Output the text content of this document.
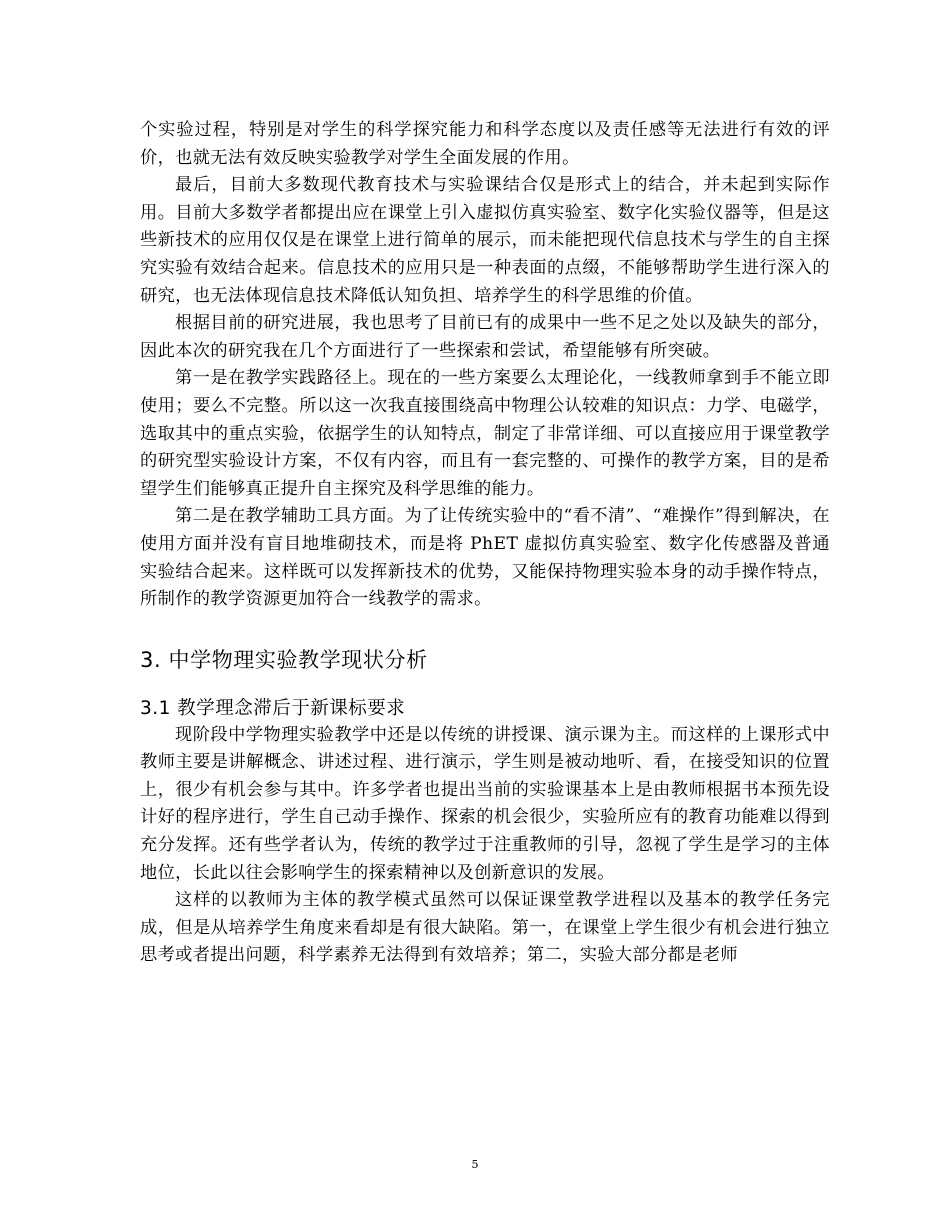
个实验过程，特别是对学生的科学探究能力和科学态度以及责任感等无法进行有效的评价，也就无法有效反映实验教学对学生全面发展的作用。

最后，目前大多数现代教育技术与实验课结合仅是形式上的结合，并未起到实际作用。目前大多数学者都提出应在课堂上引入虚拟仿真实验室、数字化实验仪器等，但是这些新技术的应用仅仅是在课堂上进行简单的展示，而未能把现代信息技术与学生的自主探究实验有效结合起来。信息技术的应用只是一种表面的点缀，不能够帮助学生进行深入的研究，也无法体现信息技术降低认知负担、培养学生的科学思维的价值。

根据目前的研究进展，我也思考了目前已有的成果中一些不足之处以及缺失的部分，因此本次的研究我在几个方面进行了一些探索和尝试，希望能够有所突破。

第一是在教学实践路径上。现在的一些方案要么太理论化，一线教师拿到手不能立即使用；要么不完整。所以这一次我直接围绕高中物理公认较难的知识点：力学、电磁学，选取其中的重点实验，依据学生的认知特点，制定了非常详细、可以直接应用于课堂教学的研究型实验设计方案，不仅有内容，而且有一套完整的、可操作的教学方案，目的是希望学生们能够真正提升自主探究及科学思维的能力。

第二是在教学辅助工具方面。为了让传统实验中的“看不清”、“难操作”得到解决，在使用方面并没有盲目地堆砌技术，而是将 PhET 虚拟仿真实验室、数字化传感器及普通实验结合起来。这样既可以发挥新技术的优势，又能保持物理实验本身的动手操作特点，所制作的教学资源更加符合一线教学的需求。

3. 中学物理实验教学现状分析
3.1 教学理念滞后于新课标要求

现阶段中学物理实验教学中还是以传统的讲授课、演示课为主。而这样的上课形式中教师主要是讲解概念、讲述过程、进行演示，学生则是被动地听、看，在接受知识的位置上，很少有机会参与其中。许多学者也提出当前的实验课基本上是由教师根据书本预先设计好的程序进行，学生自己动手操作、探索的机会很少，实验所应有的教育功能难以得到充分发挥。还有些学者认为，传统的教学过于注重教师的引导，忽视了学生是学习的主体地位，长此以往会影响学生的探索精神以及创新意识的发展。

这样的以教师为主体的教学模式虽然可以保证课堂教学进程以及基本的教学任务完成，但是从培养学生角度来看却是有很大缺陷。第一，在课堂上学生很少有机会进行独立思考或者提出问题，科学素养无法得到有效培养；第二，实验大部分都是老师

5
